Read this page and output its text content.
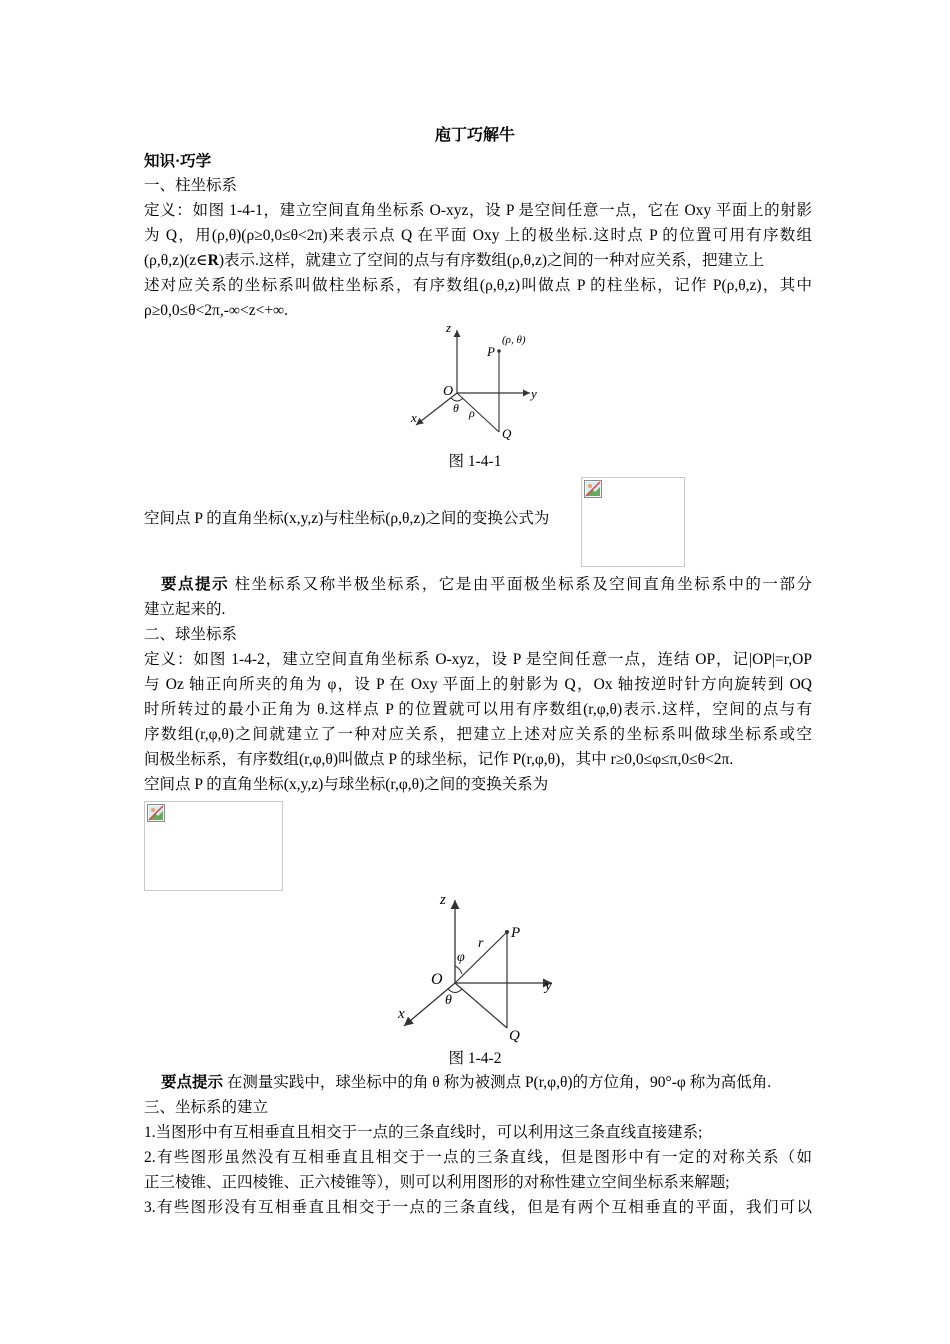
庖丁巧解牛
知识·巧学
一、柱坐标系
定义：如图 1-4-1，建立空间直角坐标系 O-xyz，设 P 是空间任意一点，它在 Oxy 平面上的射影
为 Q，用(ρ,θ)(ρ≥0,0≤θ<2π)来表示点 Q 在平面 Oxy 上的极坐标.这时点 P 的位置可用有序数组
(ρ,θ,z)(z∈R)表示.这样，就建立了空间的点与有序数组(ρ,θ,z)之间的一种对应关系，把建立上
述对应关系的坐标系叫做柱坐标系，有序数组(ρ,θ,z)叫做点 P 的柱坐标，记作 P(ρ,θ,z)，其中
ρ≥0,0≤θ<2π,-∞<z<+∞.
z
P
(ρ, θ)
O	y
θ ρ
x
Q
图 1-4-1
空间点 P 的直角坐标(x,y,z)与柱坐标(ρ,θ,z)之间的变换公式为
要点提示 柱坐标系又称半极坐标系，它是由平面极坐标系及空间直角坐标系中的一部分
建立起来的.
二、球坐标系
定义：如图 1-4-2，建立空间直角坐标系 O-xyz，设 P 是空间任意一点，连结 OP，记|OP|=r,OP
与 Oz 轴正向所夹的角为 φ，设 P 在 Oxy 平面上的射影为 Q，Ox 轴按逆时针方向旋转到 OQ
时所转过的最小正角为 θ.这样点 P 的位置就可以用有序数组(r,φ,θ)表示.这样，空间的点与有
序数组(r,φ,θ)之间就建立了一种对应关系，把建立上述对应关系的坐标系叫做球坐标系或空
间极坐标系，有序数组(r,φ,θ)叫做点 P 的球坐标，记作 P(r,φ,θ)，其中 r≥0,0≤φ≤π,0≤θ<2π.
空间点 P 的直角坐标(x,y,z)与球坐标(r,φ,θ)之间的变换关系为
z
P
r
φ
O	y
θ
x
Q
图 1-4-2
要点提示 在测量实践中，球坐标中的角 θ 称为被测点 P(r,φ,θ)的方位角，90°-φ 称为高低角.
三、坐标系的建立
1.当图形中有互相垂直且相交于一点的三条直线时，可以利用这三条直线直接建系;
2.有些图形虽然没有互相垂直且相交于一点的三条直线，但是图形中有一定的对称关系（如
正三棱锥、正四棱锥、正六棱锥等），则可以利用图形的对称性建立空间坐标系来解题;
3.有些图形没有互相垂直且相交于一点的三条直线，但是有两个互相垂直的平面，我们可以
